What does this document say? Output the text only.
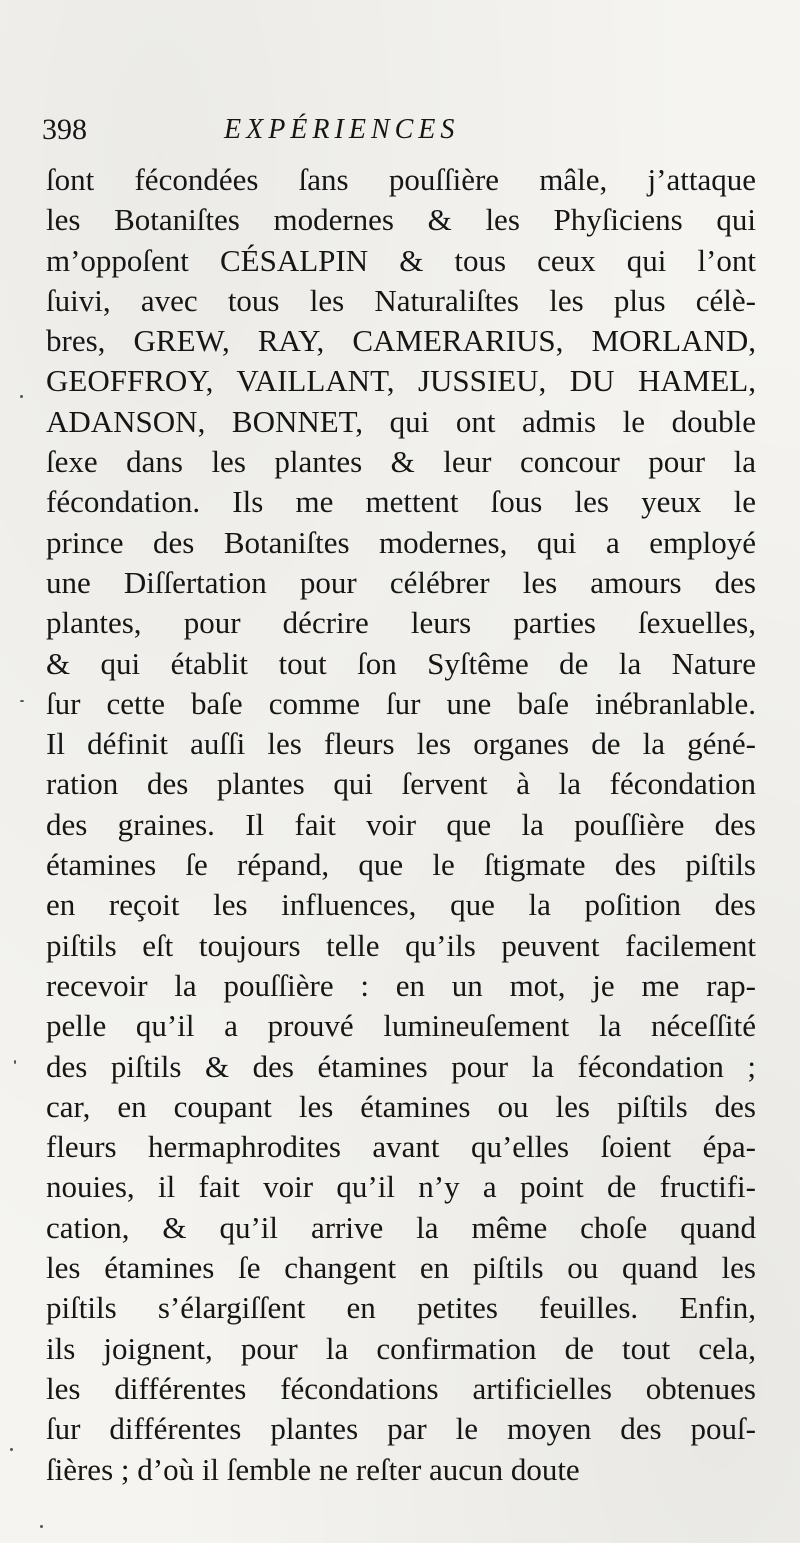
398	EXPÉRIENCES
ſont fécondées ſans pouſſière mâle, j’attaque
les Botaniſtes modernes & les Phyſiciens qui
m’oppoſent CÉSALPIN & tous ceux qui l’ont
ſuivi, avec tous les Naturaliſtes les plus célè-
bres, GREW, RAY, CAMERARIUS, MORLAND,
GEOFFROY, VAILLANT, JUSSIEU, DU HAMEL,
ADANSON, BONNET, qui ont admis le double
ſexe dans les plantes & leur concour pour la
fécondation. Ils me mettent ſous les yeux le
prince des Botaniſtes modernes, qui a employé
une Diſſertation pour célébrer les amours des
plantes, pour décrire leurs parties ſexuelles,
& qui établit tout ſon Syſtême de la Nature
ſur cette baſe comme ſur une baſe inébranlable.
Il définit auſſi les fleurs les organes de la géné-
ration des plantes qui ſervent à la fécondation
des graines. Il fait voir que la pouſſière des
étamines ſe répand, que le ſtigmate des piſtils
en reçoit les influences, que la poſition des
piſtils eſt toujours telle qu’ils peuvent facilement
recevoir la pouſſière : en un mot, je me rap-
pelle qu’il a prouvé lumineuſement la néceſſité
des piſtils & des étamines pour la fécondation ;
car, en coupant les étamines ou les piſtils des
fleurs hermaphrodites avant qu’elles ſoient épa-
nouies, il fait voir qu’il n’y a point de fructifi-
cation, & qu’il arrive la même choſe quand
les étamines ſe changent en piſtils ou quand les
piſtils s’élargiſſent en petites feuilles. Enfin,
ils joignent, pour la confirmation de tout cela,
les différentes fécondations artificielles obtenues
ſur différentes plantes par le moyen des pouſ-
ſières ; d’où il ſemble ne reſter aucun doute
